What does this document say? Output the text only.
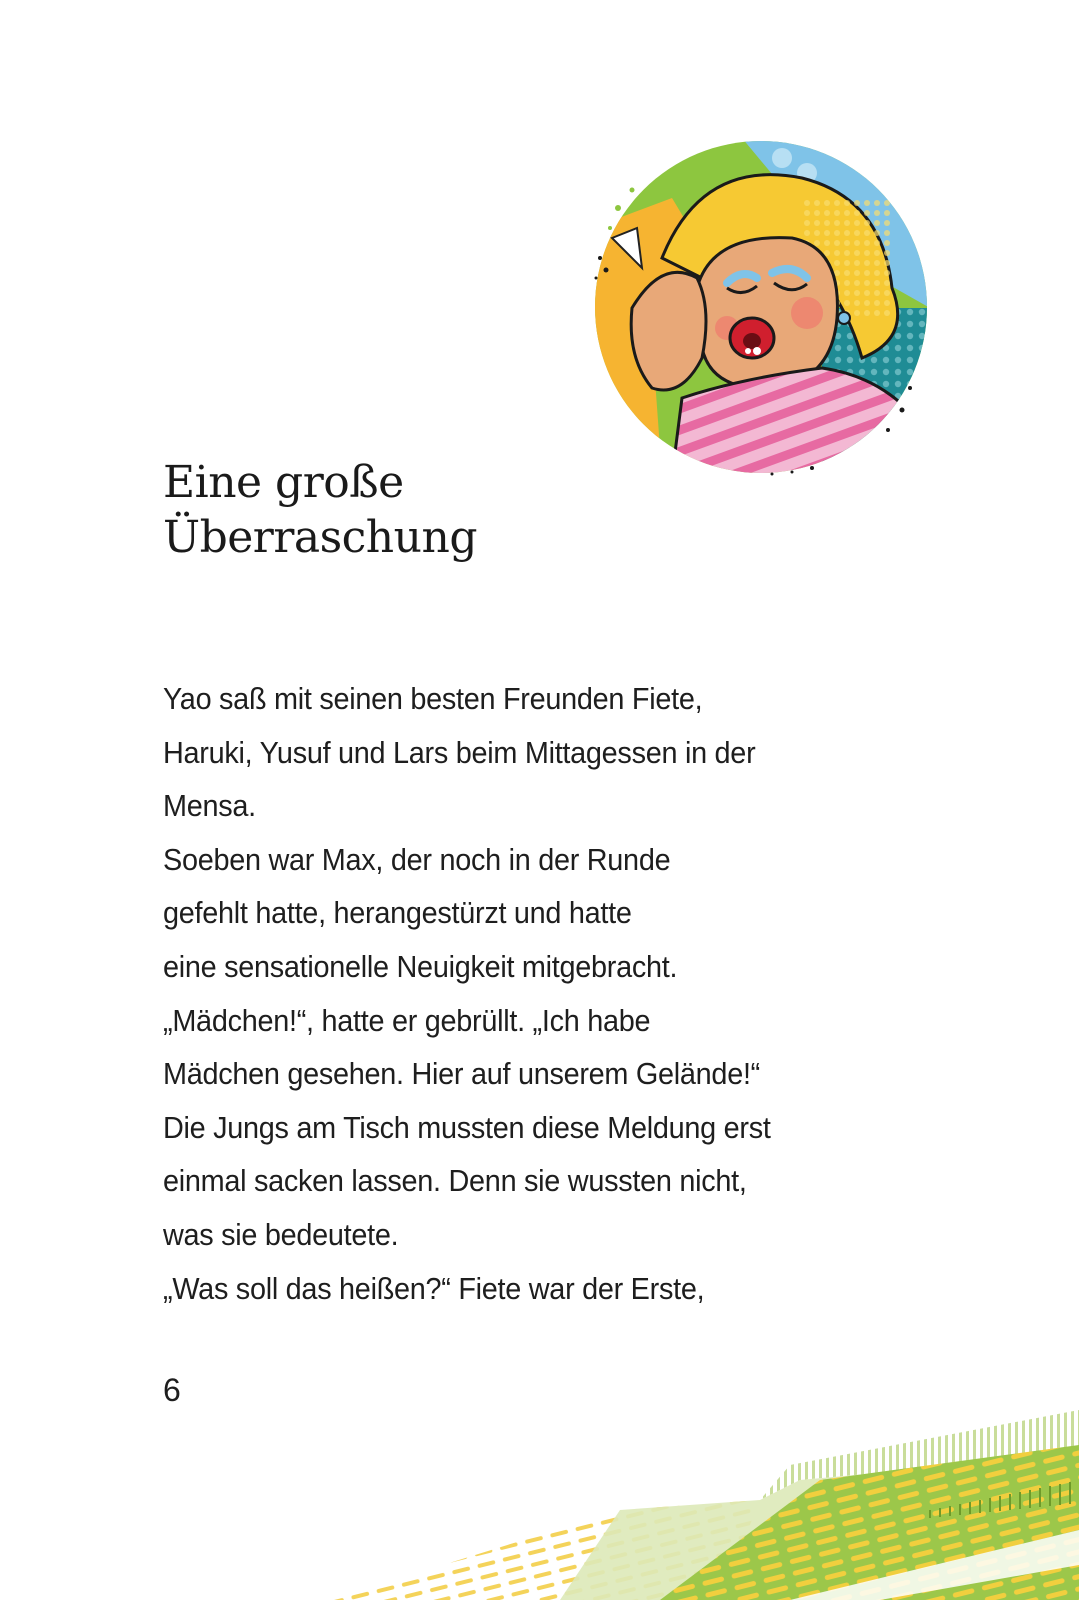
Eine große
Überraschung
Yao saß mit seinen besten Freunden Fiete,
Haruki, Yusuf und Lars beim Mittagessen in der
Mensa.
Soeben war Max, der noch in der Runde
gefehlt hatte, herangestürzt und hatte
eine sensationelle Neuigkeit mitgebracht.
„Mädchen!“, hatte er gebrüllt. „Ich habe
Mädchen gesehen. Hier auf unserem Gelände!“
Die Jungs am Tisch mussten diese Meldung erst
einmal sacken lassen. Denn sie wussten nicht,
was sie bedeutete.
„Was soll das heißen?“ Fiete war der Erste,
6
